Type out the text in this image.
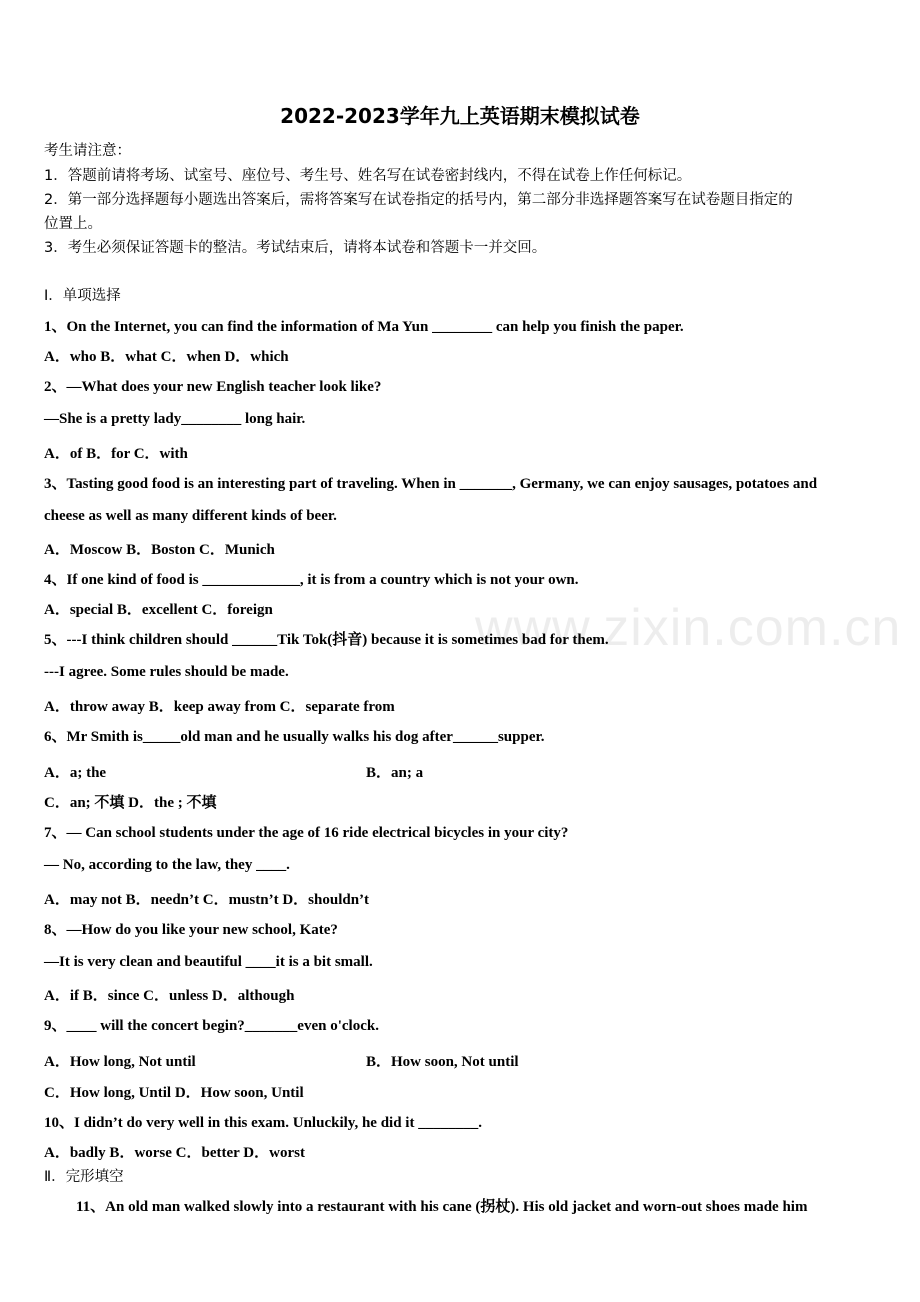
2022-2023学年九上英语期末模拟试卷
考生请注意：
1．答题前请将考场、试室号、座位号、考生号、姓名写在试卷密封线内，不得在试卷上作任何标记。
2．第一部分选择题每小题选出答案后，需将答案写在试卷指定的括号内，第二部分非选择题答案写在试卷题目指定的
位置上。
3．考生必须保证答题卡的整洁。考试结束后，请将本试卷和答题卡一并交回。
Ⅰ．单项选择
1、On the Internet, you can find the information of Ma Yun ________ can help you finish the paper.
A．who B．what C．when D．which
2、—What does your new English teacher look like?
—She is a pretty lady________ long hair.
A．of B．for C．with
3、Tasting good food is an interesting part of traveling. When in _______, Germany, we can enjoy sausages, potatoes and
cheese as well as many different kinds of beer.
A．Moscow B．Boston C．Munich
4、If one kind of food is _____________, it is from a country which is not your own.
A．special B．excellent C．foreign
5、---I think children should ______Tik Tok(抖音) because it is sometimes bad for them.
---I agree. Some rules should be made.
A．throw away B．keep away from C．separate from
6、Mr Smith is_____old man and he usually walks his dog after______supper.
A．a; the	B．an; a
C．an; 不填 D．the ; 不填
7、— Can school students under the age of 16 ride electrical bicycles in your city?
— No, according to the law, they ____.
A．may not B．needn’t C．mustn’t D．shouldn’t
8、—How do you like your new school, Kate?
—It is very clean and beautiful ____it is a bit small.
A．if B．since C．unless D．although
9、____ will the concert begin?_______even o'clock.
A．How long, Not until	B．How soon, Not until
C．How long, Until D．How soon, Until
10、I didn’t do very well in this exam. Unluckily, he did it ________.
A．badly B．worse C．better D．worst
Ⅱ．完形填空
11、An old man walked slowly into a restaurant with his cane (拐杖). His old jacket and worn-out shoes made him
www.zixin.com.cn
